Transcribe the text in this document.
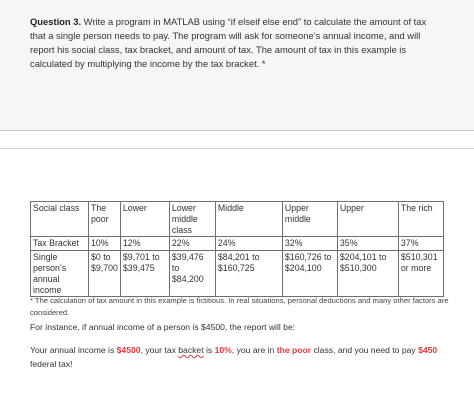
Question 3. Write a program in MATLAB using “if elseif else end” to calculate the amount of tax that a single person needs to pay. The program will ask for someone’s annual income, and will report his social class, tax bracket, and amount of tax. The amount of tax in this example is calculated by multiplying the income by the tax bracket. *
Social class	The poor	Lower	Lower middle class	Middle	Upper middle	Upper	The rich
Tax Bracket	10%	12%	22%	24%	32%	35%	37%
Single person’s annual income	$0 to $9,700	$9,701 to $39,475	$39,476 to $84,200	$84,201 to $160,725	$160,726 to $204,100	$204,101 to $510,300	$510,301 or more
* The calculation of tax amount in this example is fictitious. In real situations, personal deductions and many other factors are considered.
For instance, if annual income of a person is $4500, the report will be:
Your annual income is $4500, your tax backet is 10%, you are in the poor class, and you need to pay $450 federal tax!
